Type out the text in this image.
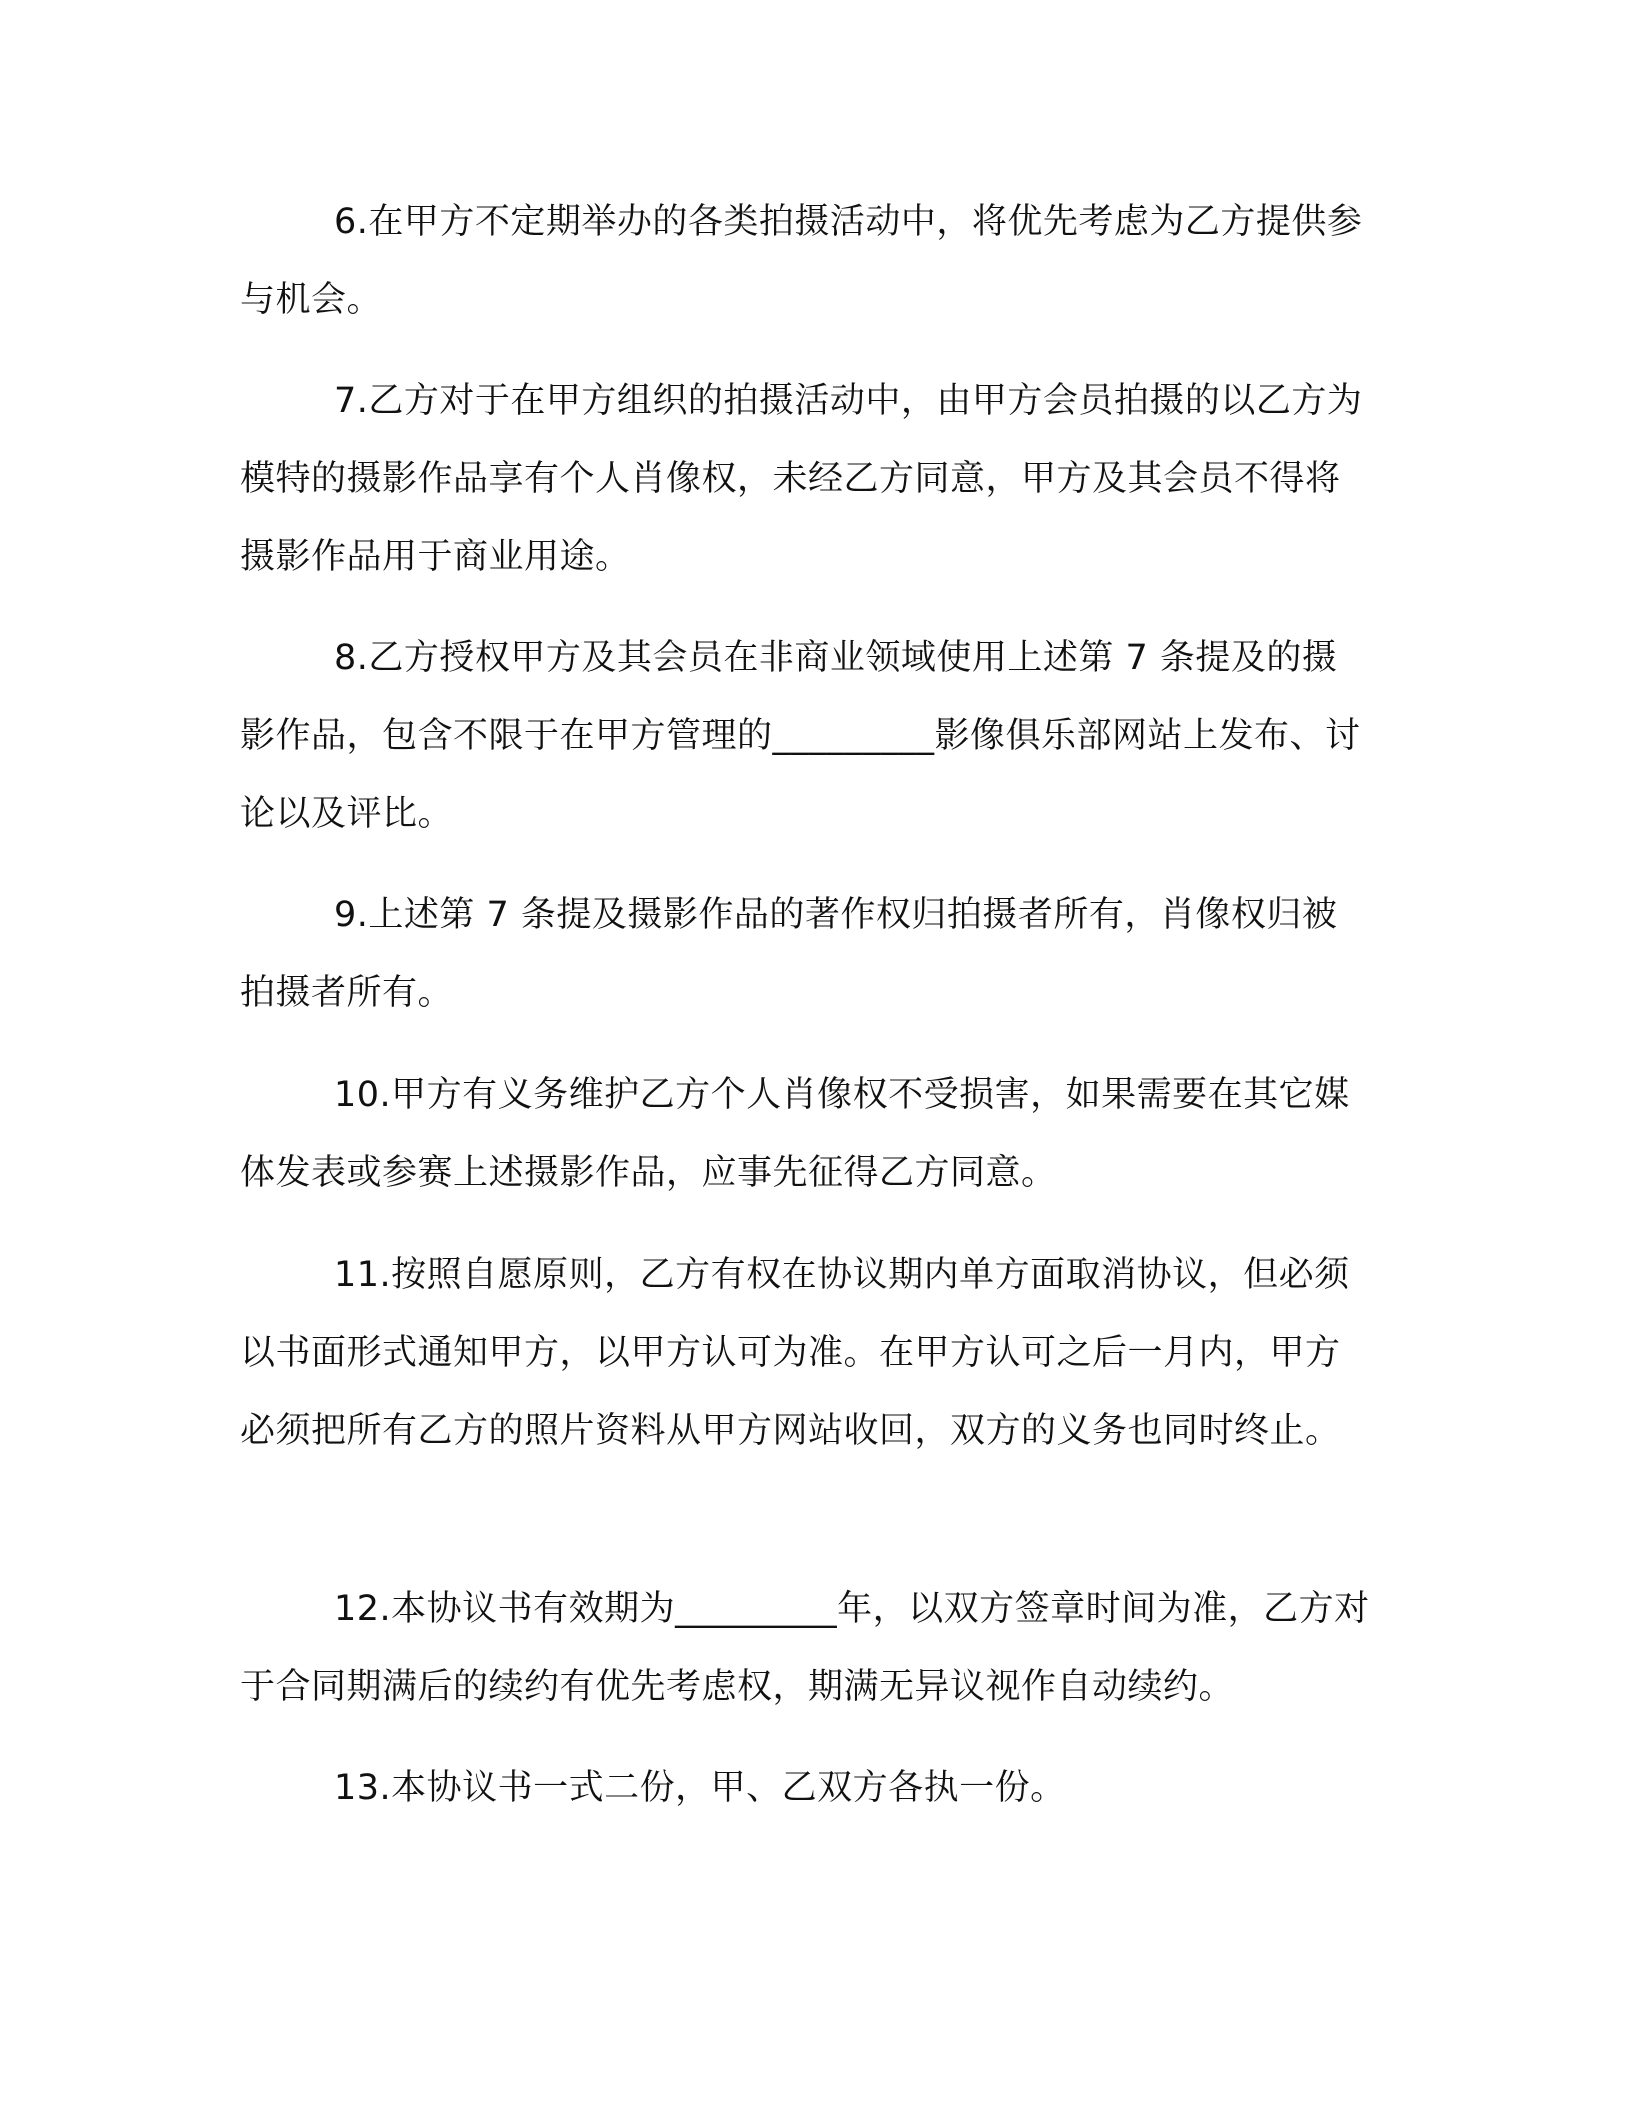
6.在甲方不定期举办的各类拍摄活动中，将优先考虑为乙方提供参与机会。

7.乙方对于在甲方组织的拍摄活动中，由甲方会员拍摄的以乙方为模特的摄影作品享有个人肖像权，未经乙方同意，甲方及其会员不得将摄影作品用于商业用途。

8.乙方授权甲方及其会员在非商业领域使用上述第 7 条提及的摄影作品，包含不限于在甲方管理的_________影像俱乐部网站上发布、讨论以及评比。

9.上述第 7 条提及摄影作品的著作权归拍摄者所有，肖像权归被拍摄者所有。

10.甲方有义务维护乙方个人肖像权不受损害，如果需要在其它媒体发表或参赛上述摄影作品，应事先征得乙方同意。

11.按照自愿原则，乙方有权在协议期内单方面取消协议，但必须以书面形式通知甲方，以甲方认可为准。在甲方认可之后一月内，甲方必须把所有乙方的照片资料从甲方网站收回，双方的义务也同时终止。

12.本协议书有效期为_________年，以双方签章时间为准，乙方对于合同期满后的续约有优先考虑权，期满无异议视作自动续约。

13.本协议书一式二份，甲、乙双方各执一份。
